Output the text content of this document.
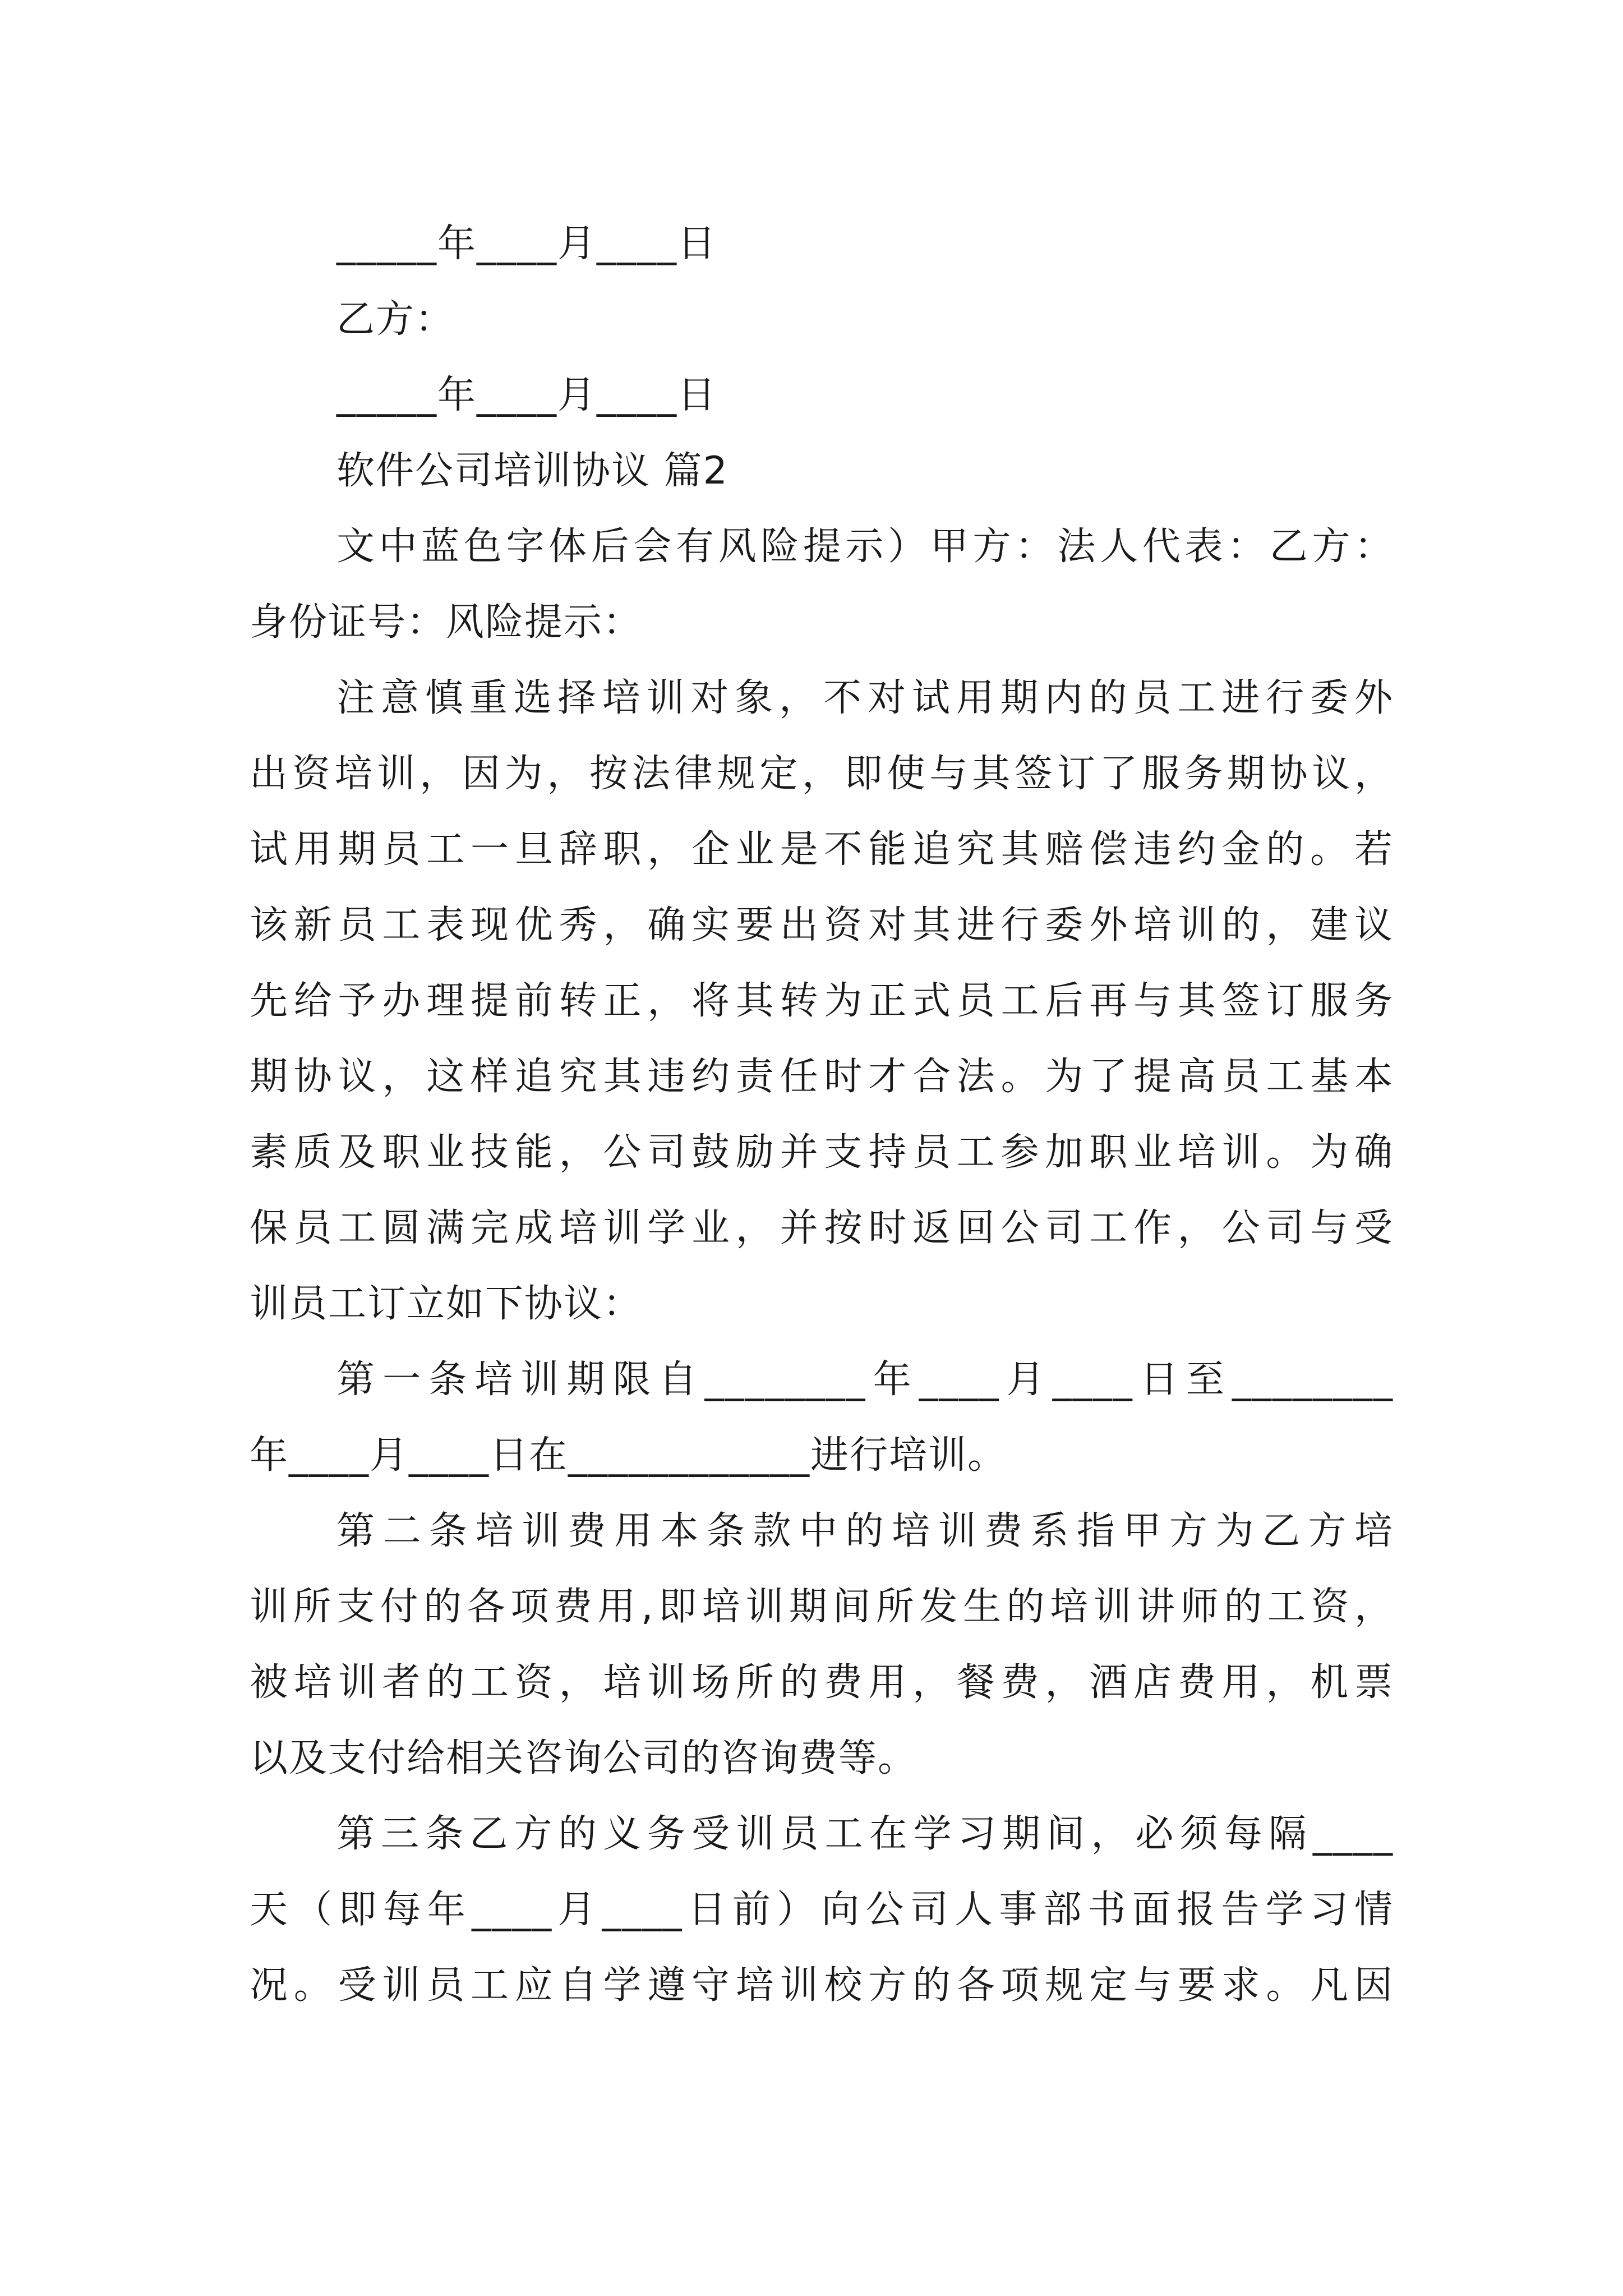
_____年____月____日
乙方：
_____年____月____日
软件公司培训协议 篇2
文中蓝色字体后会有风险提示）甲方：法人代表：乙方：
身份证号：风险提示：
注意慎重选择培训对象，不对试用期内的员工进行委外
出资培训，因为，按法律规定，即使与其签订了服务期协议，
试用期员工一旦辞职，企业是不能追究其赔偿违约金的。若
该新员工表现优秀，确实要出资对其进行委外培训的，建议
先给予办理提前转正，将其转为正式员工后再与其签订服务
期协议，这样追究其违约责任时才合法。为了提高员工基本
素质及职业技能，公司鼓励并支持员工参加职业培训。为确
保员工圆满完成培训学业，并按时返回公司工作，公司与受
训员工订立如下协议：
第一条培训期限自________年____月____日至________
年____月____日在____________进行培训。
第二条培训费用本条款中的培训费系指甲方为乙方培
训所支付的各项费用,即培训期间所发生的培训讲师的工资，
被培训者的工资，培训场所的费用，餐费，酒店费用，机票
以及支付给相关咨询公司的咨询费等。
第三条乙方的义务受训员工在学习期间，必须每隔____
天（即每年____月____日前）向公司人事部书面报告学习情
况。受训员工应自学遵守培训校方的各项规定与要求。凡因
